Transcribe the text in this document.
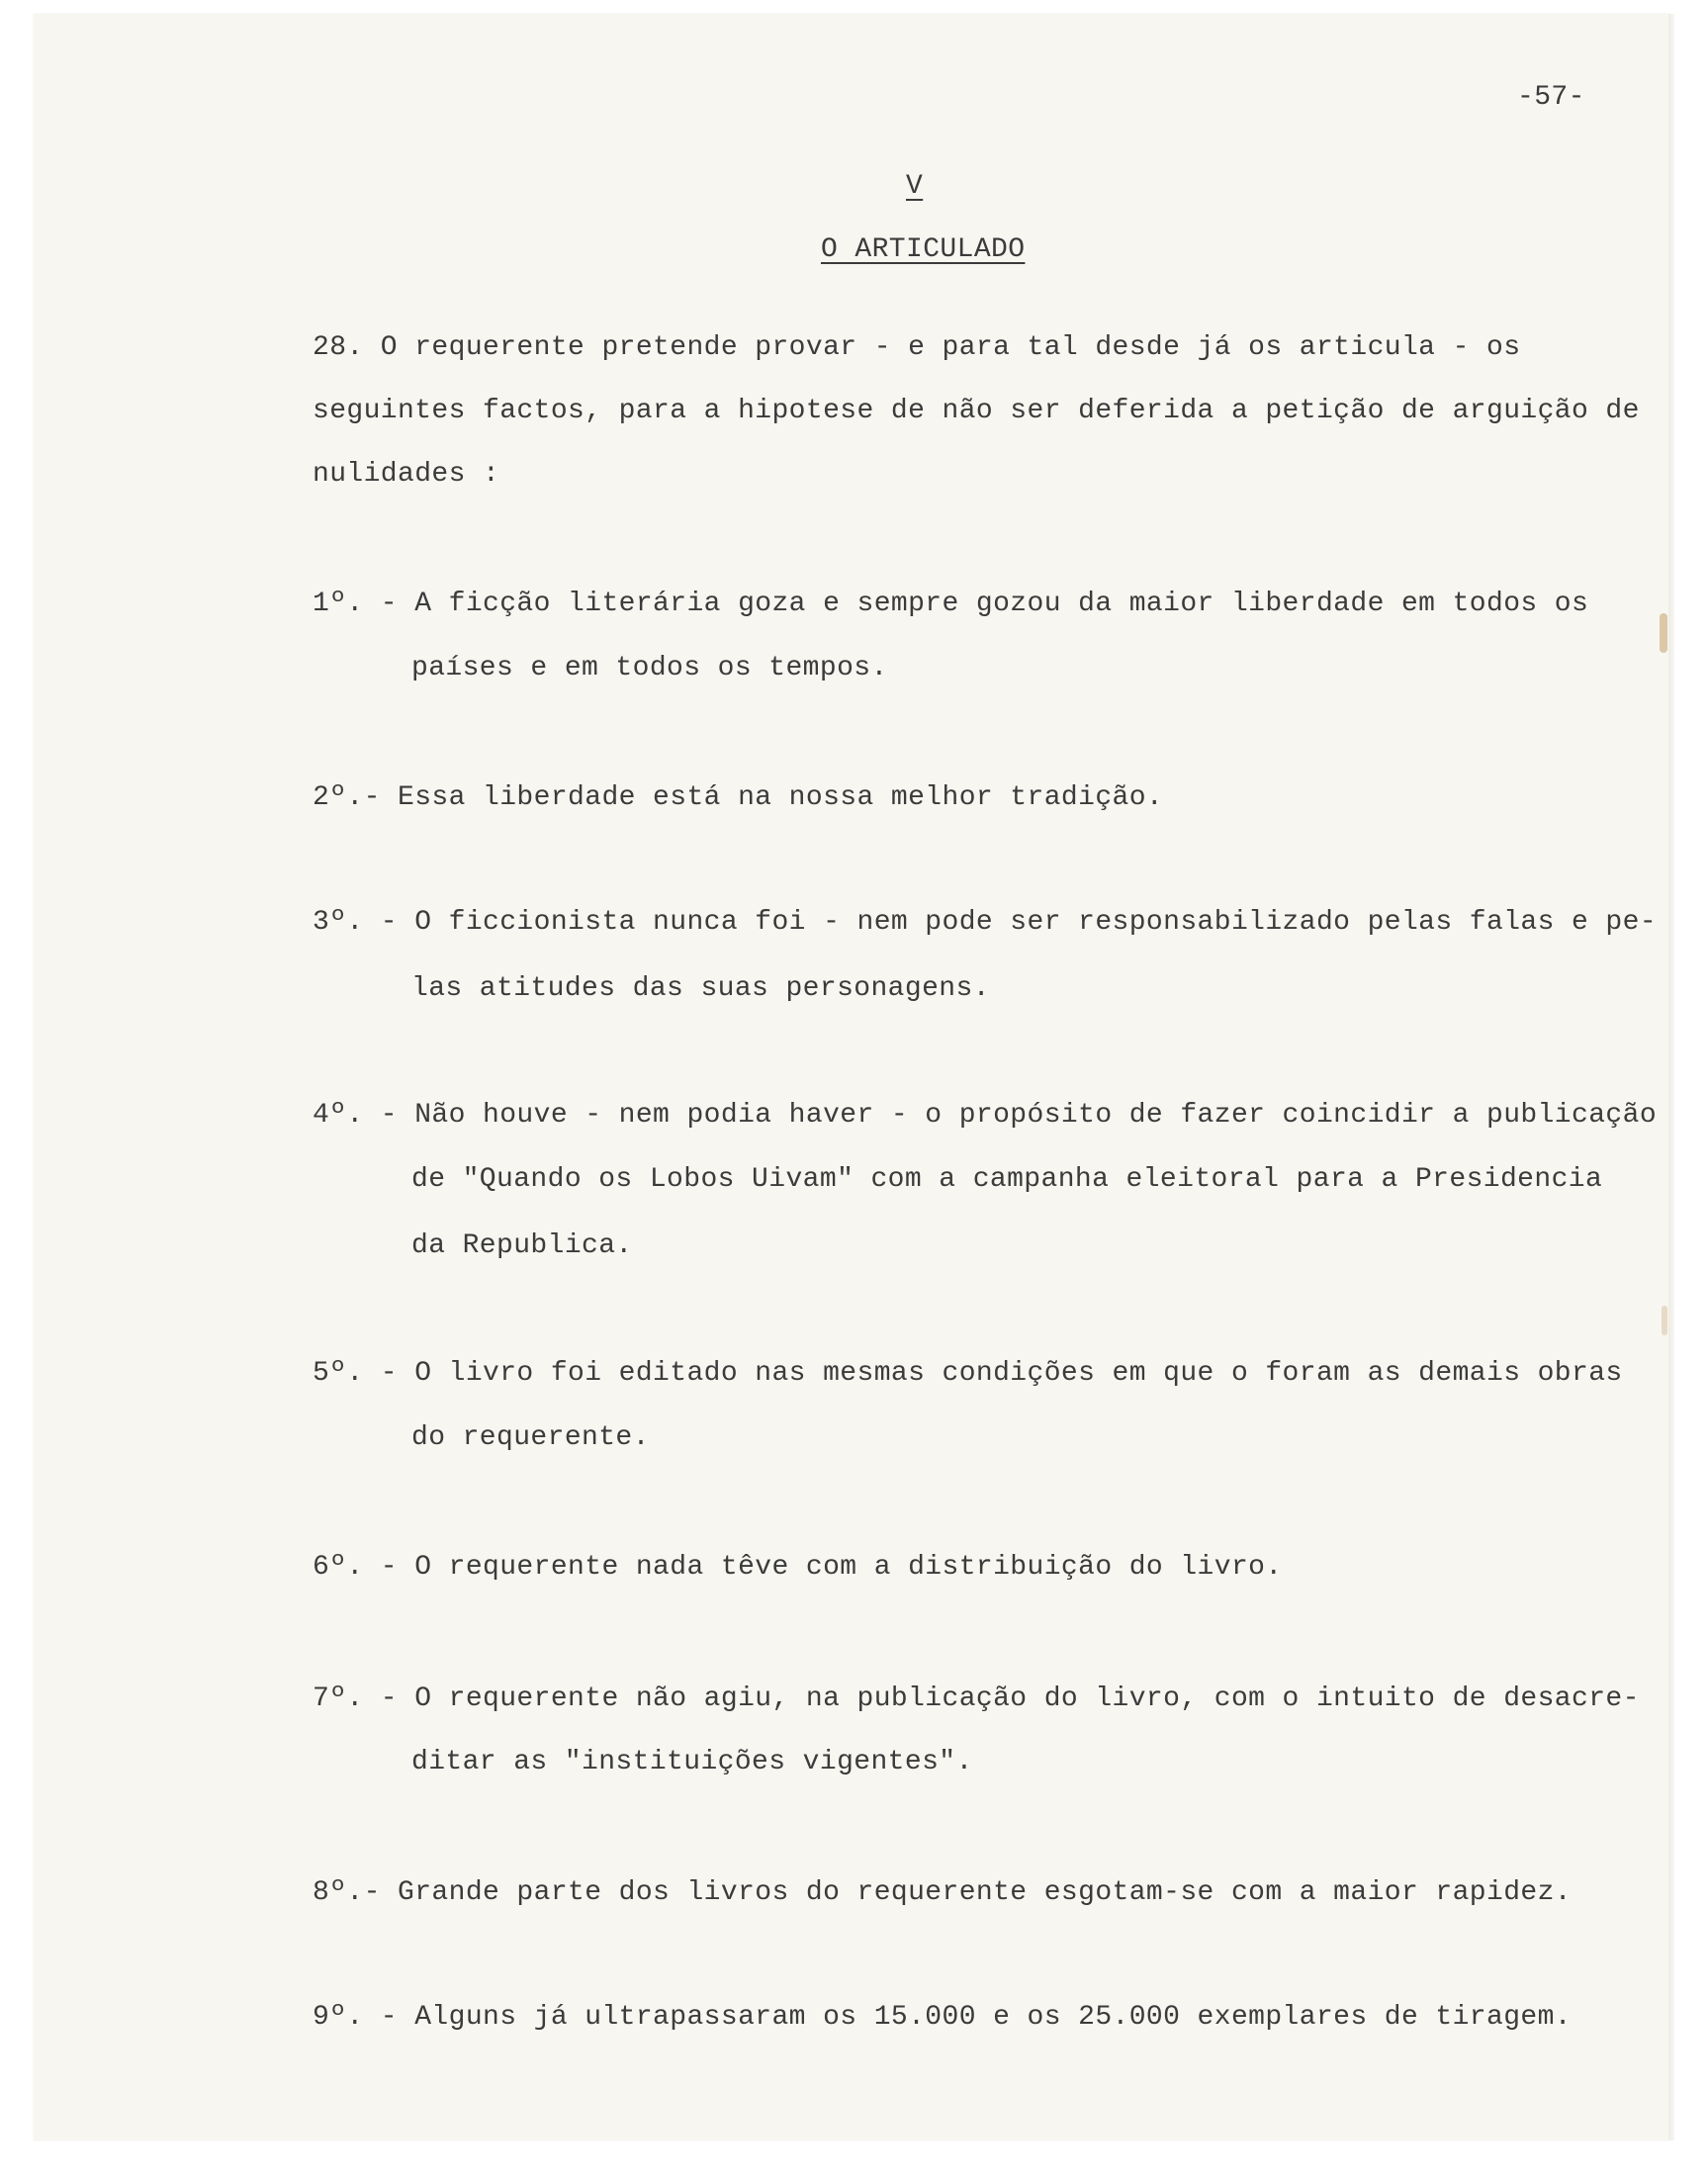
-57-
V
O ARTICULADO
28. O requerente pretende provar - e para tal desde já os articula - os
seguintes factos, para a hipotese de não ser deferida a petição de arguição de
nulidades :
1º. - A ficção literária goza e sempre gozou da maior liberdade em todos os
países e em todos os tempos.
2º.- Essa liberdade está na nossa melhor tradição.
3º. - O ficcionista nunca foi - nem pode ser responsabilizado pelas falas e pe-
las atitudes das suas personagens.
4º. - Não houve - nem podia haver - o propósito de fazer coincidir a publicação
de "Quando os Lobos Uivam" com a campanha eleitoral para a Presidencia
da Republica.
5º. - O livro foi editado nas mesmas condições em que o foram as demais obras
do requerente.
6º. - O requerente nada têve com a distribuição do livro.
7º. - O requerente não agiu, na publicação do livro, com o intuito de desacre-
ditar as "instituições vigentes".
8º.- Grande parte dos livros do requerente esgotam-se com a maior rapidez.
9º. - Alguns já ultrapassaram os 15.000 e os 25.000 exemplares de tiragem.
